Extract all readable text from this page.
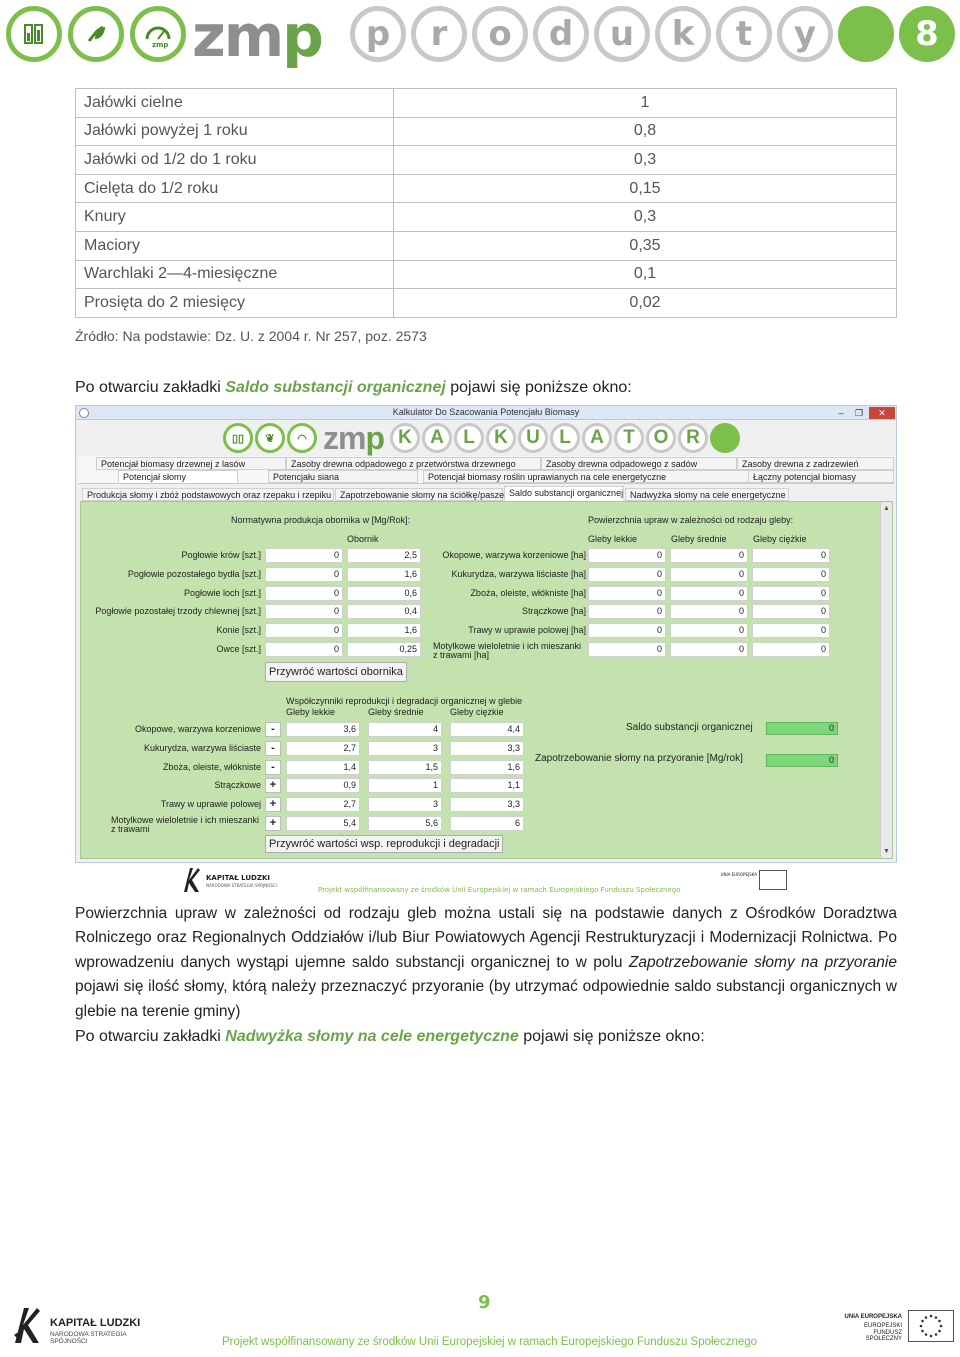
zmp zmp	p	r	o	d	u	k	t	y	8
Jałówki cielne	1
Jałówki powyżej 1 roku	0,8
Jałówki od 1/2 do 1 roku	0,3
Cielęta do 1/2 roku	0,15
Knury	0,3
Maciory	0,35
Warchlaki 2—4-miesięczne	0,1
Prosięta do 2 miesięcy	0,02
Źródło: Na podstawie: Dz. U. z 2004 r. Nr 257, poz. 2573
Po otwarciu zakładki Saldo substancji organicznej pojawi się poniższe okno:
Kalkulator Do Szacowania Potencjału Biomasy	–	❐	✕
▯▯	❦	◠ zmp K A	L	K U	L	A	T O R
Potencjał biomasy drzewnej z lasów	Zasoby drewna odpadowego z przetwórstwa drzewnego	Zasoby drewna odpadowego z sadów	Zasoby drewna z zadrzewień
Potencjał słomy	Potencjału siana	Potencjał biomasy roślin uprawianych na cele energetyczne	Łączny potencjał biomasy
Produkcja słomy i zbóż podstawowych oraz rzepaku i rzepiku Zapotrzebowanie słomy na ściółkę/pasze Saldo substancji organicznej Nadwyżka słomy na cele energetyczne
Normatywna produkcja obornika w [Mg/Rok]:
Obornik
Pogłowie krów [szt.]	0	2,5
Pogłowie pozostałego bydła [szt.]	0	1,6
Pogłowie loch [szt.]	0	0,6
Pogłowie pozostałej trzody chlewnej [szt.]	0	0,4
Konie [szt.]	0	1,6
Owce [szt.]	0	0,25
Przywróć wartości obornika
Powierzchnia upraw w zależności od rodzaju gleby:
Gleby lekkie	Gleby średnie	Gleby ciężkie
Okopowe, warzywa korzeniowe [ha]	0	0	0
Kukurydza, warzywa liściaste [ha]	0	0	0
Zboża, oleiste, włókniste [ha]	0	0	0
Strączkowe [ha]	0	0	0
Trawy w uprawie polowej [ha]	0	0	0
Motylkowe wieloletnie i ich mieszanki
z trawami [ha]
0	0	0
Współczynniki reprodukcji i degradacji organicznej w glebie
Gleby lekkie	Gleby średnie	Gleby ciężkie
Okopowe, warzywa korzeniowe -	3,6	4	4,4
Kukurydza, warzywa liściaste -	2,7	3	3,3
Zboża, oleiste, włókniste -	1,4	1,5	1,6
Strączkowe +	0,9	1	1,1
Trawy w uprawie polowej +	2,7	3	3,3
Motylkowe wieloletnie i ich mieszanki
z trawami	+	5,4	5,6	6
Przywróć wartości wsp. reprodukcji i degradacji
Saldo substancji organicznej	0
Zapotrzebowanie słomy na przyoranie [Mg/rok]	0
▲
▼
KAPITAŁ LUDZKI
NARODOWA STRATEGIA SPÓJNOŚCI
Projekt współfinansowany ze środków Unii Europejskiej w ramach Europejskiego Funduszu Społecznego
UNIA EUROPEJSKA
Powierzchnia upraw w zależności od rodzaju gleb można ustali się na podstawie danych z Ośrodków Doradztwa Rolniczego oraz Regionalnych Oddziałów i/lub Biur Powiatowych Agencji Restrukturyzacji i Modernizacji Rolnictwa. Po wprowadzeniu danych wystąpi ujemne saldo substancji organicznej to w polu Zapotrzebowanie słomy na przyoranie pojawi się ilość słomy, którą należy przeznaczyć przyoranie (by utrzymać odpowiednie saldo substancji organicznych w glebie na terenie gminy)
Po otwarciu zakładki Nadwyżka słomy na cele energetyczne pojawi się poniższe okno:
9
KAPITAŁ LUDZKI
NARODOWA STRATEGIA SPÓJNOŚCI	Projekt współfinansowany ze środków Unii Europejskiej w ramach Europejskiego Funduszu Społecznego
UNIA EUROPEJSKA
EUROPEJSKI
FUNDUSZ SPOŁECZNY
